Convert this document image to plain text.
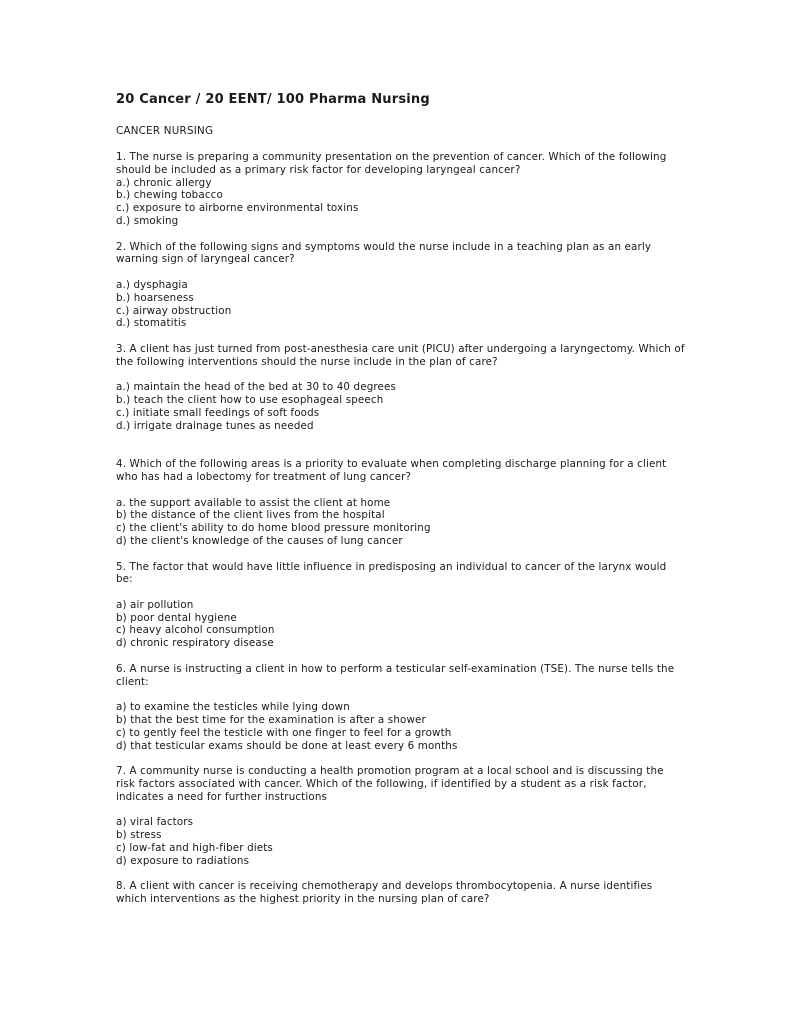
20 Cancer / 20 EENT/ 100 Pharma Nursing

CANCER NURSING

1. The nurse is preparing a community presentation on the prevention of cancer. Which of the following should be included as a primary risk factor for developing laryngeal cancer?
a.) chronic allergy
b.) chewing tobacco
c.) exposure to airborne environmental toxins
d.) smoking
2. Which of the following signs and symptoms would the nurse include in a teaching plan as an early warning sign of laryngeal cancer?
a.) dysphagia
b.) hoarseness
c.) airway obstruction
d.) stomatitis
3. A client has just turned from post-anesthesia care unit (PICU) after undergoing a laryngectomy. Which of the following interventions should the nurse include in the plan of care?
a.) maintain the head of the bed at 30 to 40 degrees
b.) teach the client how to use esophageal speech
c.) initiate small feedings of soft foods
d.) irrigate drainage tunes as needed
4. Which of the following areas is a priority to evaluate when completing discharge planning for a client who has had a lobectomy for treatment of lung cancer?
a. the support available to assist the client at home
b) the distance of the client lives from the hospital
c) the client's ability to do home blood pressure monitoring
d) the client's knowledge of the causes of lung cancer
5. The factor that would have little influence in predisposing an individual to cancer of the larynx would be:
a) air pollution
b) poor dental hygiene
c) heavy alcohol consumption
d) chronic respiratory disease
6. A nurse is instructing a client in how to perform a testicular self-examination (TSE). The nurse tells the client:
a) to examine the testicles while lying down
b) that the best time for the examination is after a shower
c) to gently feel the testicle with one finger to feel for a growth
d) that testicular exams should be done at least every 6 months
7. A community nurse is conducting a health promotion program at a local school and is discussing the risk factors associated with cancer. Which of the following, if identified by a student as a risk factor, indicates a need for further instructions
a) viral factors
b) stress
c) low-fat and high-fiber diets
d) exposure to radiations
8. A client with cancer is receiving chemotherapy and develops thrombocytopenia. A nurse identifies which interventions as the highest priority in the nursing plan of care?
